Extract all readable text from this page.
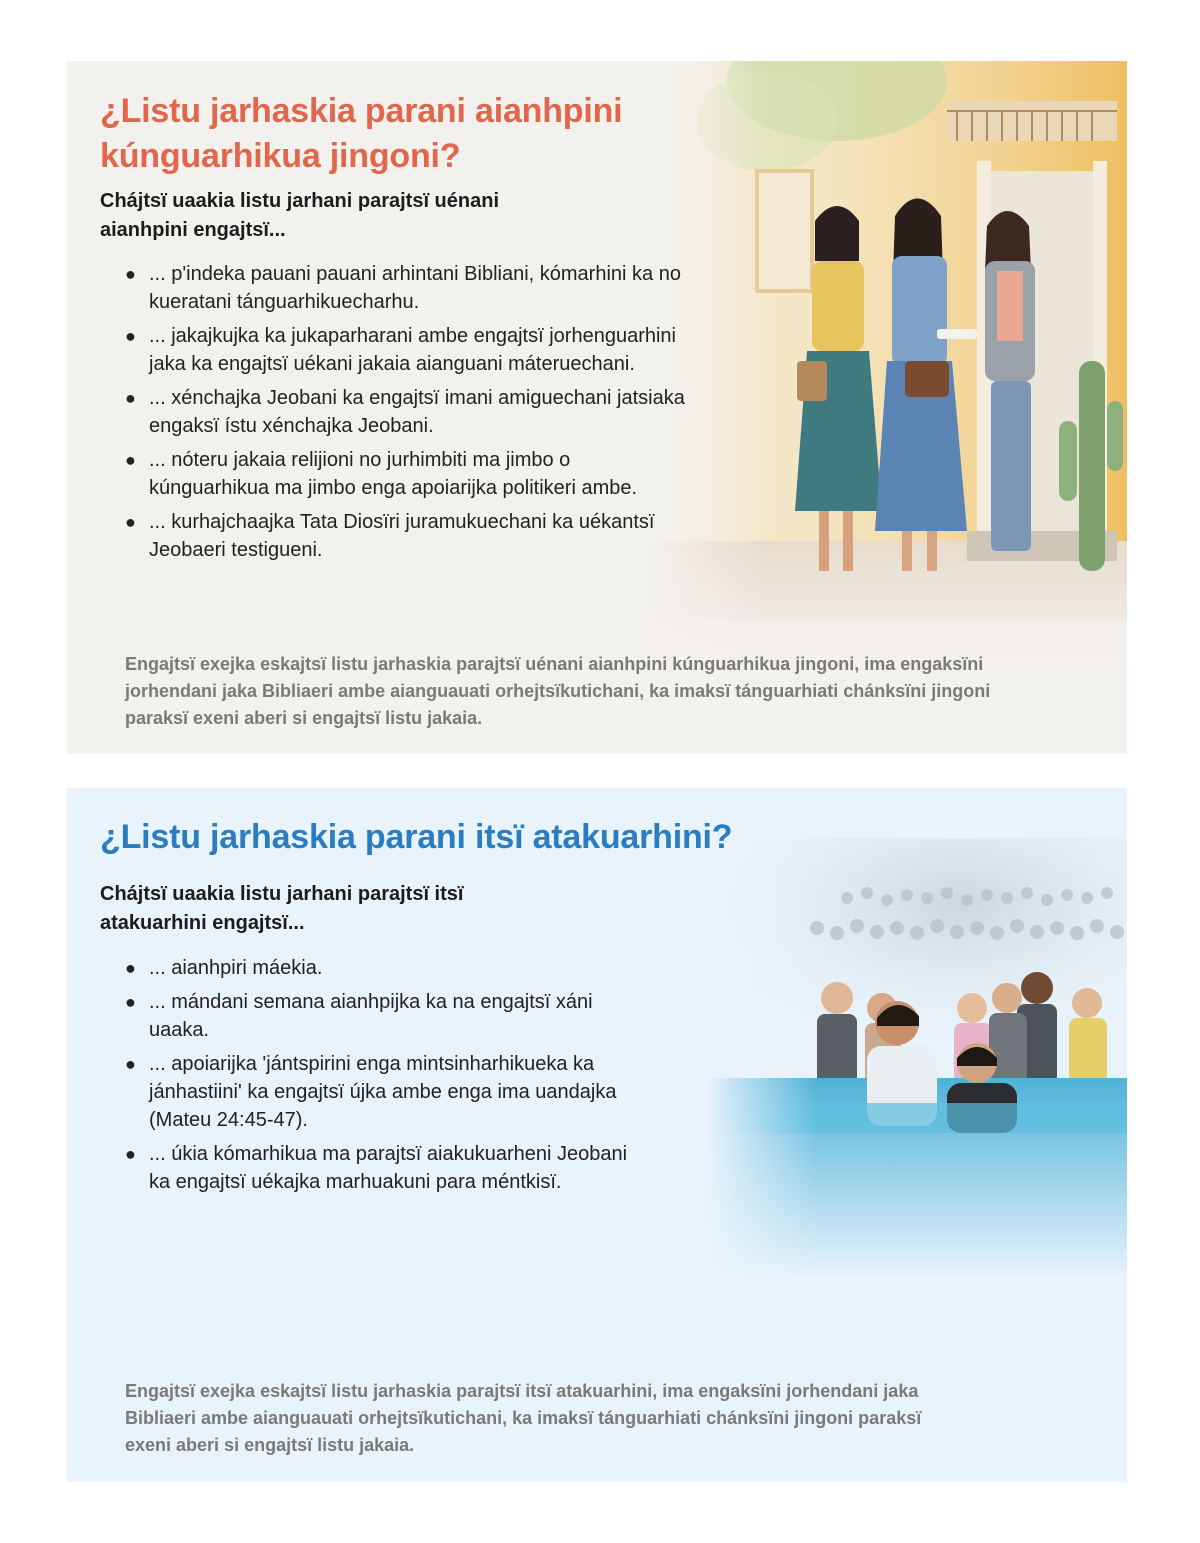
¿Listu jarhaskia parani aianhpini kúnguarhikua jingoni?

Chájtsï uaakia listu jarhani parajtsï uénani aianhpini engajtsï...

● ... p'indeka pauani pauani arhintani Bibliani, kómarhini ka no kueratani tánguarhikuecharhu.
● ... jakajkujka ka jukaparharani ambe engajtsï jorhenguarhini jaka ka engajtsï uékani jakaia aianguani máteruechani.
● ... xénchajka Jeobani ka engajtsï imani amiguechani jatsiaka engaksï ístu xénchajka Jeobani.
● ... nóteru jakaia relijioni no jurhimbiti ma jimbo o kúnguarhikua ma jimbo enga apoiarijka politikeri ambe.
● ... kurhajchaajka Tata Diosïri juramukuechani ka uékantsï Jeobaeri testigueni.

Engajtsï exejka eskajtsï listu jarhaskia parajtsï uénani aianhpini kúnguarhikua jingoni, ima engaksïni jorhendani jaka Bibliaeri ambe aianguauati orhejtsïkutichani, ka imaksï tánguarhiati chánksïni jingoni paraksï exeni aberi si engajtsï listu jakaia.

¿Listu jarhaskia parani itsï atakuarhini?

Chájtsï uaakia listu jarhani parajtsï itsï atakuarhini engajtsï...

● ... aianhpiri máekia.
● ... mándani semana aianhpijka ka na engajtsï xáni uaaka.
● ... apoiarijka 'jántspirini enga mintsinharhikueka ka jánhastiini' ka engajtsï újka ambe enga ima uandajka (Mateu 24:45-47).
● ... úkia kómarhikua ma parajtsï aiakukuarheni Jeobani ka engajtsï uékajka marhuakuni para méntkisï.

Engajtsï exejka eskajtsï listu jarhaskia parajtsï itsï atakuarhini, ima engaksïni jorhendani jaka Bibliaeri ambe aianguauati orhejtsïkutichani, ka imaksï tánguarhiati chánksïni jingoni paraksï exeni aberi si engajtsï listu jakaia.
